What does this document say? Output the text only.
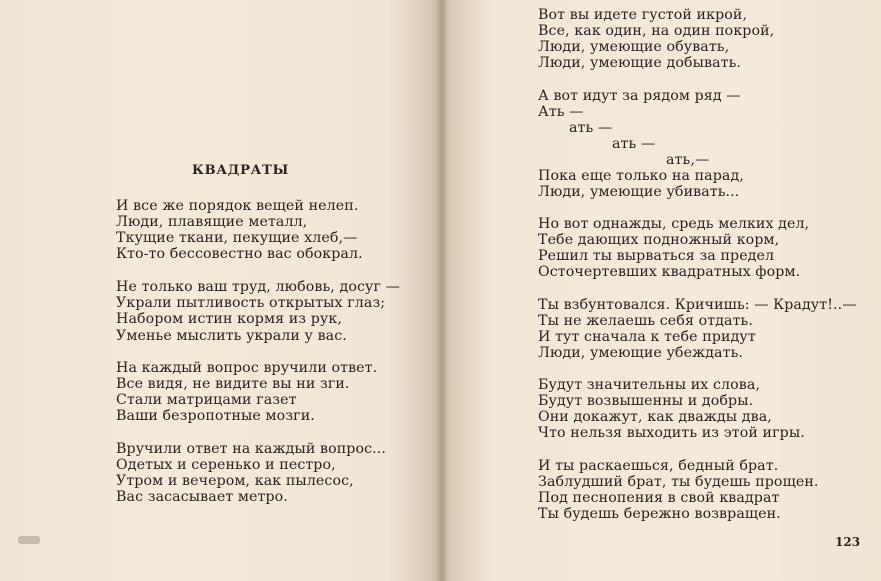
КВАДРАТЫ
И все же порядок вещей нелеп.
Люди, плавящие металл,
Ткущие ткани, пекущие хлеб,—
Кто-то бессовестно вас обокрал.
Не только ваш труд, любовь, досуг —
Украли пытливость открытых глаз;
Набором истин кормя из рук,
Уменье мыслить украли у вас.
На каждый вопрос вручили ответ.
Все видя, не видите вы ни зги.
Стали матрицами газет
Ваши безропотные мозги.
Вручили ответ на каждый вопрос...
Одетых и серенько и пестро,
Утром и вечером, как пылесос,
Вас засасывает метро.
Вот вы идете густой икрой,
Все, как один, на один покрой,
Люди, умеющие обувать,
Люди, умеющие добывать.
А вот идут за рядом ряд —
Ать —
ать —
ать —
ать,—
Пока еще только на парад,
Люди, умеющие убивать...
Но вот однажды, средь мелких дел,
Тебе дающих подножный корм,
Решил ты вырваться за предел
Осточертевших квадратных форм.
Ты взбунтовался. Кричишь: — Крадут!..—
Ты не желаешь себя отдать.
И тут сначала к тебе придут
Люди, умеющие убеждать.
Будут значительны их слова,
Будут возвышенны и добры.
Они докажут, как дважды два,
Что нельзя выходить из этой игры.
И ты раскаешься, бедный брат.
Заблудший брат, ты будешь прощен.
Под песнопения в свой квадрат
Ты будешь бережно возвращен.
123
